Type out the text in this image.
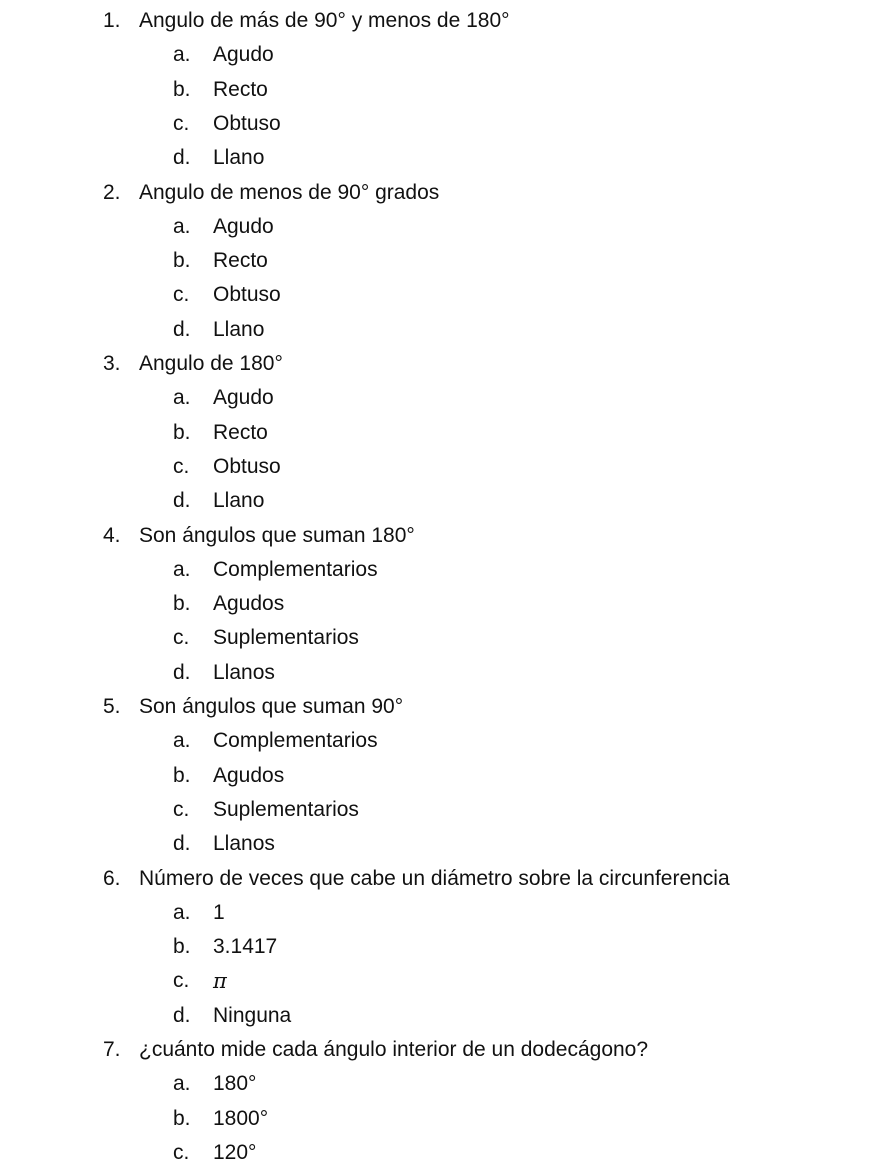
1. Angulo de más de 90° y menos de 180°
a. Agudo
b. Recto
c. Obtuso
d. Llano
2. Angulo de menos de 90° grados
a. Agudo
b. Recto
c. Obtuso
d. Llano
3. Angulo de 180°
a. Agudo
b. Recto
c. Obtuso
d. Llano
4. Son ángulos que suman 180°
a. Complementarios
b. Agudos
c. Suplementarios
d. Llanos
5. Son ángulos que suman 90°
a. Complementarios
b. Agudos
c. Suplementarios
d. Llanos
6. Número de veces que cabe un diámetro sobre la circunferencia
a. 1
b. 3.1417
c. π
d. Ninguna
7. ¿cuánto mide cada ángulo interior de un dodecágono?
a. 180°
b. 1800°
c. 120°
